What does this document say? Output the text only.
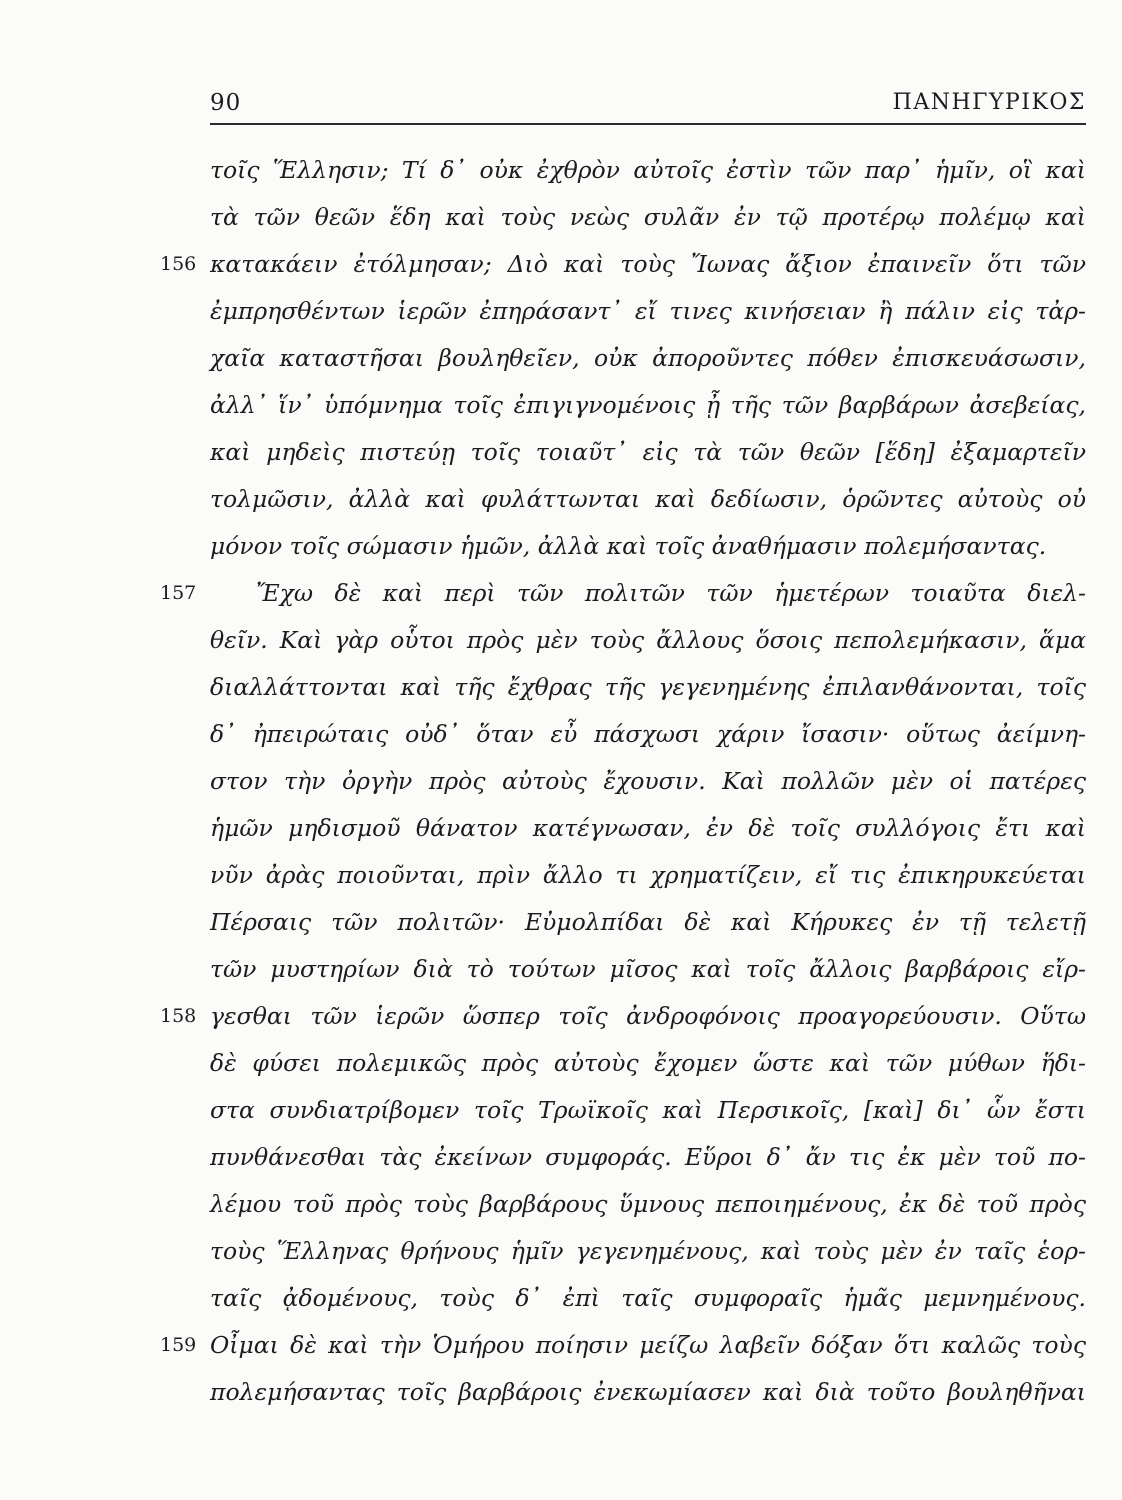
90	ΠΑΝΗΓΥΡΙΚΟΣ
τοῖς Ἕλλησιν; Τί δ᾽ οὐκ ἐχθρὸν αὐτοῖς ἐστὶν τῶν παρ᾽ ἡμῖν, οἳ καὶ
τὰ τῶν θεῶν ἕδη καὶ τοὺς νεὼς συλᾶν ἐν τῷ προτέρῳ πολέμῳ καὶ
156 κατακάειν ἐτόλμησαν; Διὸ καὶ τοὺς Ἴωνας ἄξιον ἐπαινεῖν ὅτι τῶν
ἐμπρησθέντων ἱερῶν ἐπηράσαντ᾽ εἴ τινες κινήσειαν ἢ πάλιν εἰς τἀρ-
χαῖα καταστῆσαι βουληθεῖεν, οὐκ ἀποροῦντες πόθεν ἐπισκευάσωσιν,
ἀλλ᾽ ἵν᾽ ὑπόμνημα τοῖς ἐπιγιγνομένοις ᾖ τῆς τῶν βαρβάρων ἀσεβείας,
καὶ μηδεὶς πιστεύῃ τοῖς τοιαῦτ᾽ εἰς τὰ τῶν θεῶν [ἕδη] ἐξαμαρτεῖν
τολμῶσιν, ἀλλὰ καὶ φυλάττωνται καὶ δεδίωσιν, ὁρῶντες αὐτοὺς οὐ
μόνον τοῖς σώμασιν ἡμῶν, ἀλλὰ καὶ τοῖς ἀναθήμασιν πολεμήσαντας.
157	Ἔχω δὲ καὶ περὶ τῶν πολιτῶν τῶν ἡμετέρων τοιαῦτα διελ-
θεῖν. Καὶ γὰρ οὗτοι πρὸς μὲν τοὺς ἄλλους ὅσοις πεπολεμήκασιν, ἅμα
διαλλάττονται καὶ τῆς ἔχθρας τῆς γεγενημένης ἐπιλανθάνονται, τοῖς
δ᾽ ἠπειρώταις οὐδ᾽ ὅταν εὖ πάσχωσι χάριν ἴσασιν· οὕτως ἀείμνη-
στον τὴν ὀργὴν πρὸς αὐτοὺς ἔχουσιν. Καὶ πολλῶν μὲν οἱ πατέρες
ἡμῶν μηδισμοῦ θάνατον κατέγνωσαν, ἐν δὲ τοῖς συλλόγοις ἔτι καὶ
νῦν ἀρὰς ποιοῦνται, πρὶν ἄλλο τι χρηματίζειν, εἴ τις ἐπικηρυκεύεται
Πέρσαις τῶν πολιτῶν· Εὐμολπίδαι δὲ καὶ Κήρυκες ἐν τῇ τελετῇ
τῶν μυστηρίων διὰ τὸ τούτων μῖσος καὶ τοῖς ἄλλοις βαρβάροις εἴρ-
158 γεσθαι τῶν ἱερῶν ὥσπερ τοῖς ἀνδροφόνοις προαγορεύουσιν. Οὕτω
δὲ φύσει πολεμικῶς πρὸς αὐτοὺς ἔχομεν ὥστε καὶ τῶν μύθων ἥδι-
στα συνδιατρίβομεν τοῖς Τρωϊκοῖς καὶ Περσικοῖς, [καὶ] δι᾽ ὧν ἔστι
πυνθάνεσθαι τὰς ἐκείνων συμφοράς. Εὕροι δ᾽ ἄν τις ἐκ μὲν τοῦ πο-
λέμου τοῦ πρὸς τοὺς βαρβάρους ὕμνους πεποιημένους, ἐκ δὲ τοῦ πρὸς
τοὺς Ἕλληνας θρήνους ἡμῖν γεγενημένους, καὶ τοὺς μὲν ἐν ταῖς ἑορ-
ταῖς ᾀδομένους, τοὺς δ᾽ ἐπὶ ταῖς συμφοραῖς ἡμᾶς μεμνημένους.
159 Οἶμαι δὲ καὶ τὴν Ὁμήρου ποίησιν μείζω λαβεῖν δόξαν ὅτι καλῶς τοὺς
πολεμήσαντας τοῖς βαρβάροις ἐνεκωμίασεν καὶ διὰ τοῦτο βουληθῆναι
